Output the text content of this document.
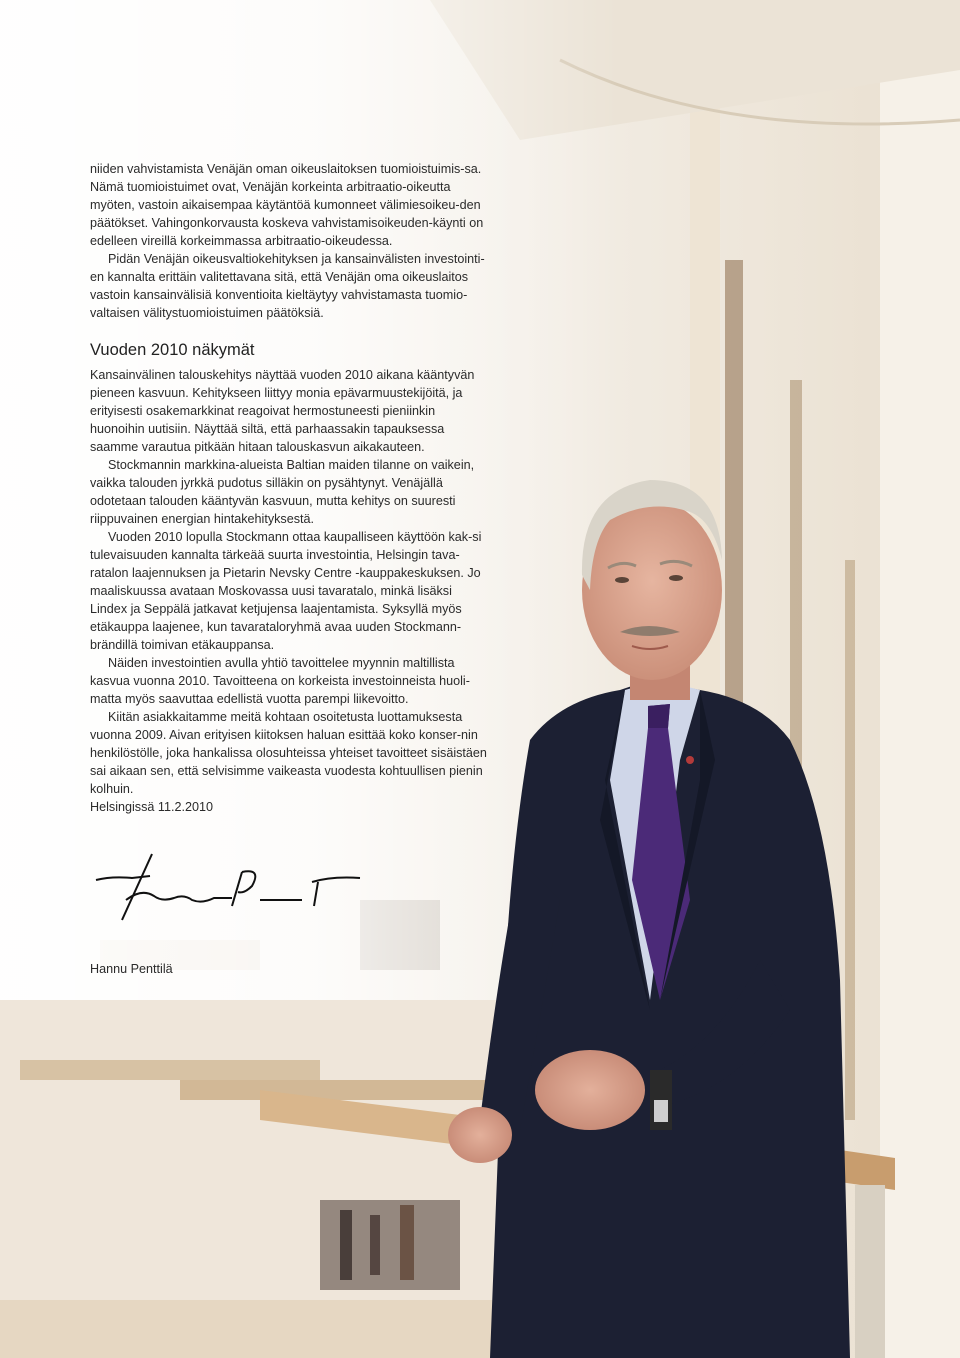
niiden vahvistamista Venäjän oman oikeuslaitoksen tuomioistuimis-sa. Nämä tuomioistuimet ovat, Venäjän korkeinta arbitraatio-oikeutta myöten, vastoin aikaisempaa käytäntöä kumonneet välimiesoikeu-den päätökset. Vahingonkorvausta koskeva vahvistamisoikeuden-käynti on edelleen vireillä korkeimmassa arbitraatio-oikeudessa.

Pidän Venäjän oikeusvaltiokehityksen ja kansainvälisten investointi-en kannalta erittäin valitettavana sitä, että Venäjän oma oikeuslaitos vastoin kansainvälisiä konventioita kieltäytyy vahvistamasta tuomio-valtaisen välitystuomioistuimen päätöksiä.

Vuoden 2010 näkymät

Kansainvälinen talouskehitys näyttää vuoden 2010 aikana kääntyvän pieneen kasvuun. Kehitykseen liittyy monia epävarmuustekijöitä, ja erityisesti osakemarkkinat reagoivat hermostuneesti pieniinkin huonoihin uutisiin. Näyttää siltä, että parhaassakin tapauksessa saamme varautua pitkään hitaan talouskasvun aikakauteen.

Stockmannin markkina-alueista Baltian maiden tilanne on vaikein, vaikka talouden jyrkkä pudotus silläkin on pysähtynyt. Venäjällä odotetaan talouden kääntyvän kasvuun, mutta kehitys on suuresti riippuvainen energian hintakehityksestä.

Vuoden 2010 lopulla Stockmann ottaa kaupalliseen käyttöön kak-si tulevaisuuden kannalta tärkeää suurta investointia, Helsingin tava-ratalon laajennuksen ja Pietarin Nevsky Centre -kauppakeskuksen. Jo maaliskuussa avataan Moskovassa uusi tavaratalo, minkä lisäksi Lindex ja Seppälä jatkavat ketjujensa laajentamista. Syksyllä myös etäkauppa laajenee, kun tavarataloryhmä avaa uuden Stockmann-brändillä toimivan etäkauppansa.

Näiden investointien avulla yhtiö tavoittelee myynnin maltillista kasvua vuonna 2010. Tavoitteena on korkeista investoinneista huoli-matta myös saavuttaa edellistä vuotta parempi liikevoitto.

Kiitän asiakkaitamme meitä kohtaan osoitetusta luottamuksesta vuonna 2009. Aivan erityisen kiitoksen haluan esittää koko konser-nin henkilöstölle, joka hankalissa olosuhteissa yhteiset tavoitteet sisäistäen sai aikaan sen, että selvisimme vaikeasta vuodesta kohtuullisen pienin kolhuin.

Helsingissä 11.2.2010

Hannu Penttilä
